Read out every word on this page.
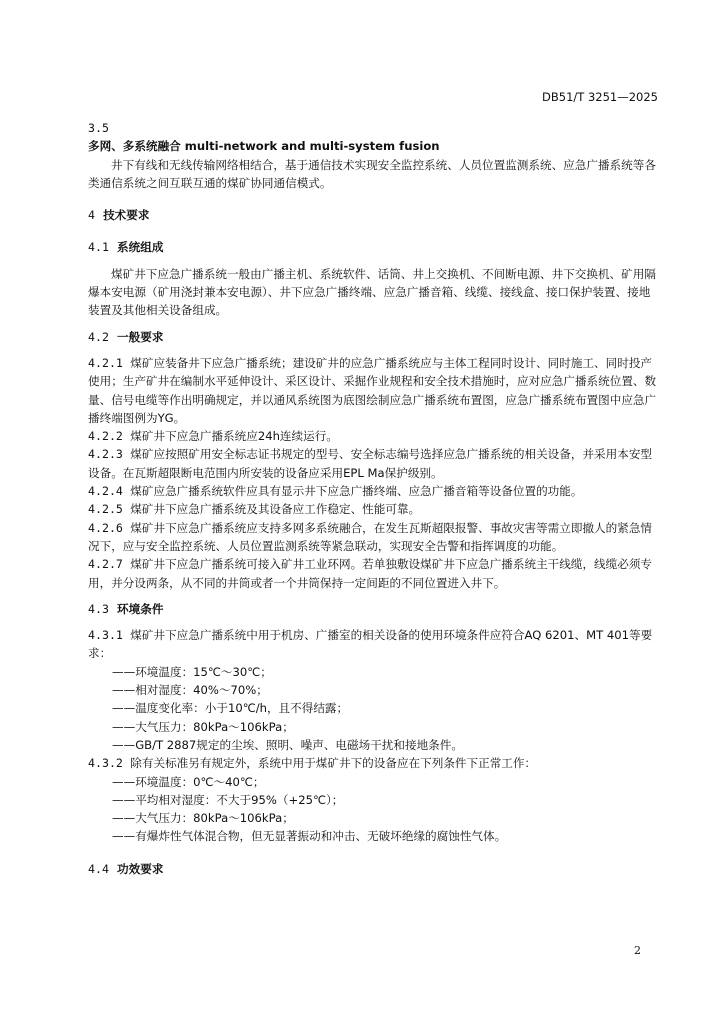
DB51/T 3251—2025

3.5

多网、多系统融合 multi-network and multi-system fusion

井下有线和无线传输网络相结合，基于通信技术实现安全监控系统、人员位置监测系统、应急广播系统等各类通信系统之间互联互通的煤矿协同通信模式。

4 技术要求

4.1 系统组成

煤矿井下应急广播系统一般由广播主机、系统软件、话筒、井上交换机、不间断电源、井下交换机、矿用隔爆本安电源（矿用浇封兼本安电源）、井下应急广播终端、应急广播音箱、线缆、接线盒、接口保护装置、接地装置及其他相关设备组成。

4.2 一般要求

4.2.1 煤矿应装备井下应急广播系统；建设矿井的应急广播系统应与主体工程同时设计、同时施工、同时投产使用；生产矿井在编制水平延伸设计、采区设计、采掘作业规程和安全技术措施时，应对应急广播系统位置、数量、信号电缆等作出明确规定，并以通风系统图为底图绘制应急广播系统布置图，应急广播系统布置图中应急广播终端图例为YG。

4.2.2 煤矿井下应急广播系统应24h连续运行。

4.2.3 煤矿应按照矿用安全标志证书规定的型号、安全标志编号选择应急广播系统的相关设备，并采用本安型设备。在瓦斯超限断电范围内所安装的设备应采用EPL Ma保护级别。

4.2.4 煤矿应急广播系统软件应具有显示井下应急广播终端、应急广播音箱等设备位置的功能。

4.2.5 煤矿井下应急广播系统及其设备应工作稳定、性能可靠。

4.2.6 煤矿井下应急广播系统应支持多网多系统融合，在发生瓦斯超限报警、事故灾害等需立即撤人的紧急情况下，应与安全监控系统、人员位置监测系统等紧急联动，实现安全告警和指挥调度的功能。

4.2.7 煤矿井下应急广播系统可接入矿井工业环网。若单独敷设煤矿井下应急广播系统主干线缆，线缆必须专用，并分设两条，从不同的井筒或者一个井筒保持一定间距的不同位置进入井下。

4.3 环境条件

4.3.1 煤矿井下应急广播系统中用于机房、广播室的相关设备的使用环境条件应符合AQ 6201、MT 401等要求：

——环境温度：15℃～30℃；

——相对湿度：40%～70%；

——温度变化率：小于10℃/h，且不得结露；

——大气压力：80kPa～106kPa；

——GB/T 2887规定的尘埃、照明、噪声、电磁场干扰和接地条件。

4.3.2 除有关标准另有规定外，系统中用于煤矿井下的设备应在下列条件下正常工作：

——环境温度：0℃～40℃；

——平均相对湿度：不大于95%（+25℃）；

——大气压力：80kPa～106kPa；

——有爆炸性气体混合物，但无显著振动和冲击、无破坏绝缘的腐蚀性气体。

4.4 功效要求

2
